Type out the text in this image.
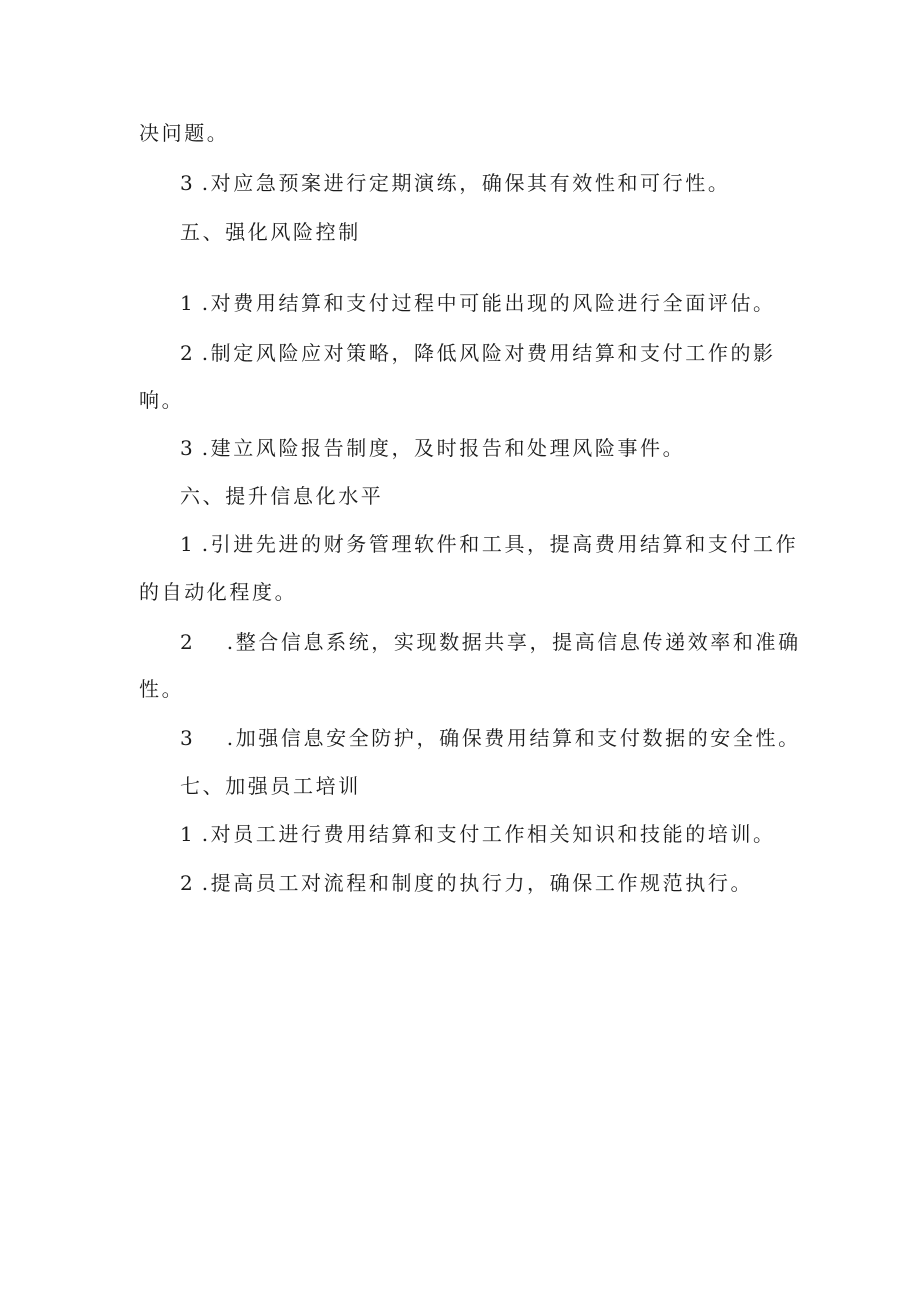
决问题。
3 .对应急预案进行定期演练，确保其有效性和可行性。
五、强化风险控制
1 .对费用结算和支付过程中可能出现的风险进行全面评估。
2 .制定风险应对策略，降低风险对费用结算和支付工作的影
响。
3 .建立风险报告制度，及时报告和处理风险事件。
六、提升信息化水平
1 .引进先进的财务管理软件和工具，提高费用结算和支付工作
的自动化程度。
2 .整合信息系统，实现数据共享，提高信息传递效率和准确
性。
3 .加强信息安全防护，确保费用结算和支付数据的安全性。
七、加强员工培训
1 .对员工进行费用结算和支付工作相关知识和技能的培训。
2 .提高员工对流程和制度的执行力，确保工作规范执行。
